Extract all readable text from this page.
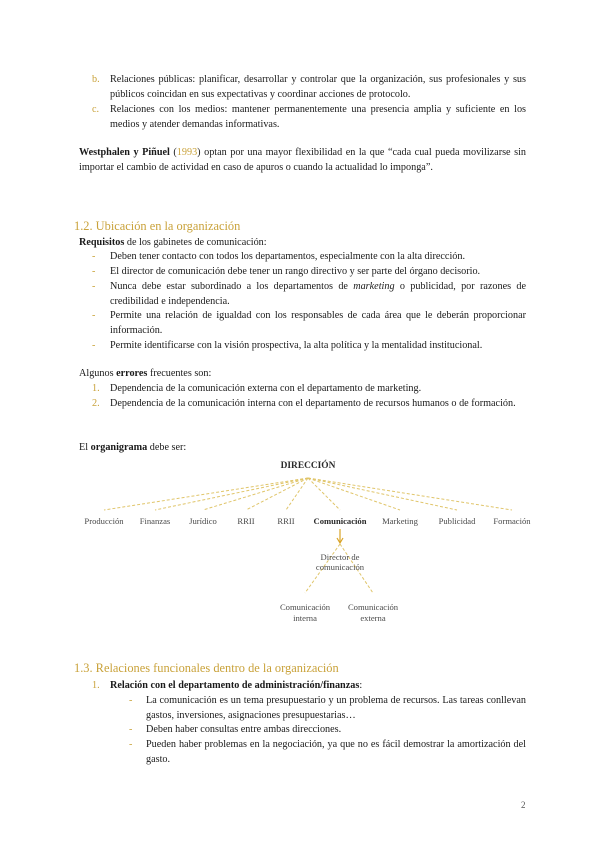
b. Relaciones públicas: planificar, desarrollar y controlar que la organización, sus profesionales y sus públicos coincidan en sus expectativas y coordinar acciones de protocolo.
c. Relaciones con los medios: mantener permanentemente una presencia amplia y suficiente en los medios y atender demandas informativas.
Westphalen y Piñuel (1993) optan por una mayor flexibilidad en la que “cada cual pueda movilizarse sin importar el cambio de actividad en caso de apuros o cuando la actualidad lo imponga”.
1.2. Ubicación en la organización
Requisitos de los gabinetes de comunicación:
- Deben tener contacto con todos los departamentos, especialmente con la alta dirección.
- El director de comunicación debe tener un rango directivo y ser parte del órgano decisorio.
- Nunca debe estar subordinado a los departamentos de marketing o publicidad, por razones de credibilidad e independencia.
- Permite una relación de igualdad con los responsables de cada área que le deberán proporcionar información.
- Permite identificarse con la visión prospectiva, la alta política y la mentalidad institucional.
Algunos errores frecuentes son:
1. Dependencia de la comunicación externa con el departamento de marketing.
2. Dependencia de la comunicación interna con el departamento de recursos humanos o de formación.
El organigrama debe ser:
DIRECCIÓN
Producción	Finanzas	Jurídico	RRII	RRII	Comunicación	Marketing	Publicidad	Formación
Director de comunicación
Comunicación interna
Comunicación externa
1.3. Relaciones funcionales dentro de la organización
1. Relación con el departamento de administración/finanzas:
- La comunicación es un tema presupuestario y un problema de recursos. Las tareas conllevan gastos, inversiones, asignaciones presupuestarias…
- Deben haber consultas entre ambas direcciones.
- Pueden haber problemas en la negociación, ya que no es fácil demostrar la amortización del gasto.
2
